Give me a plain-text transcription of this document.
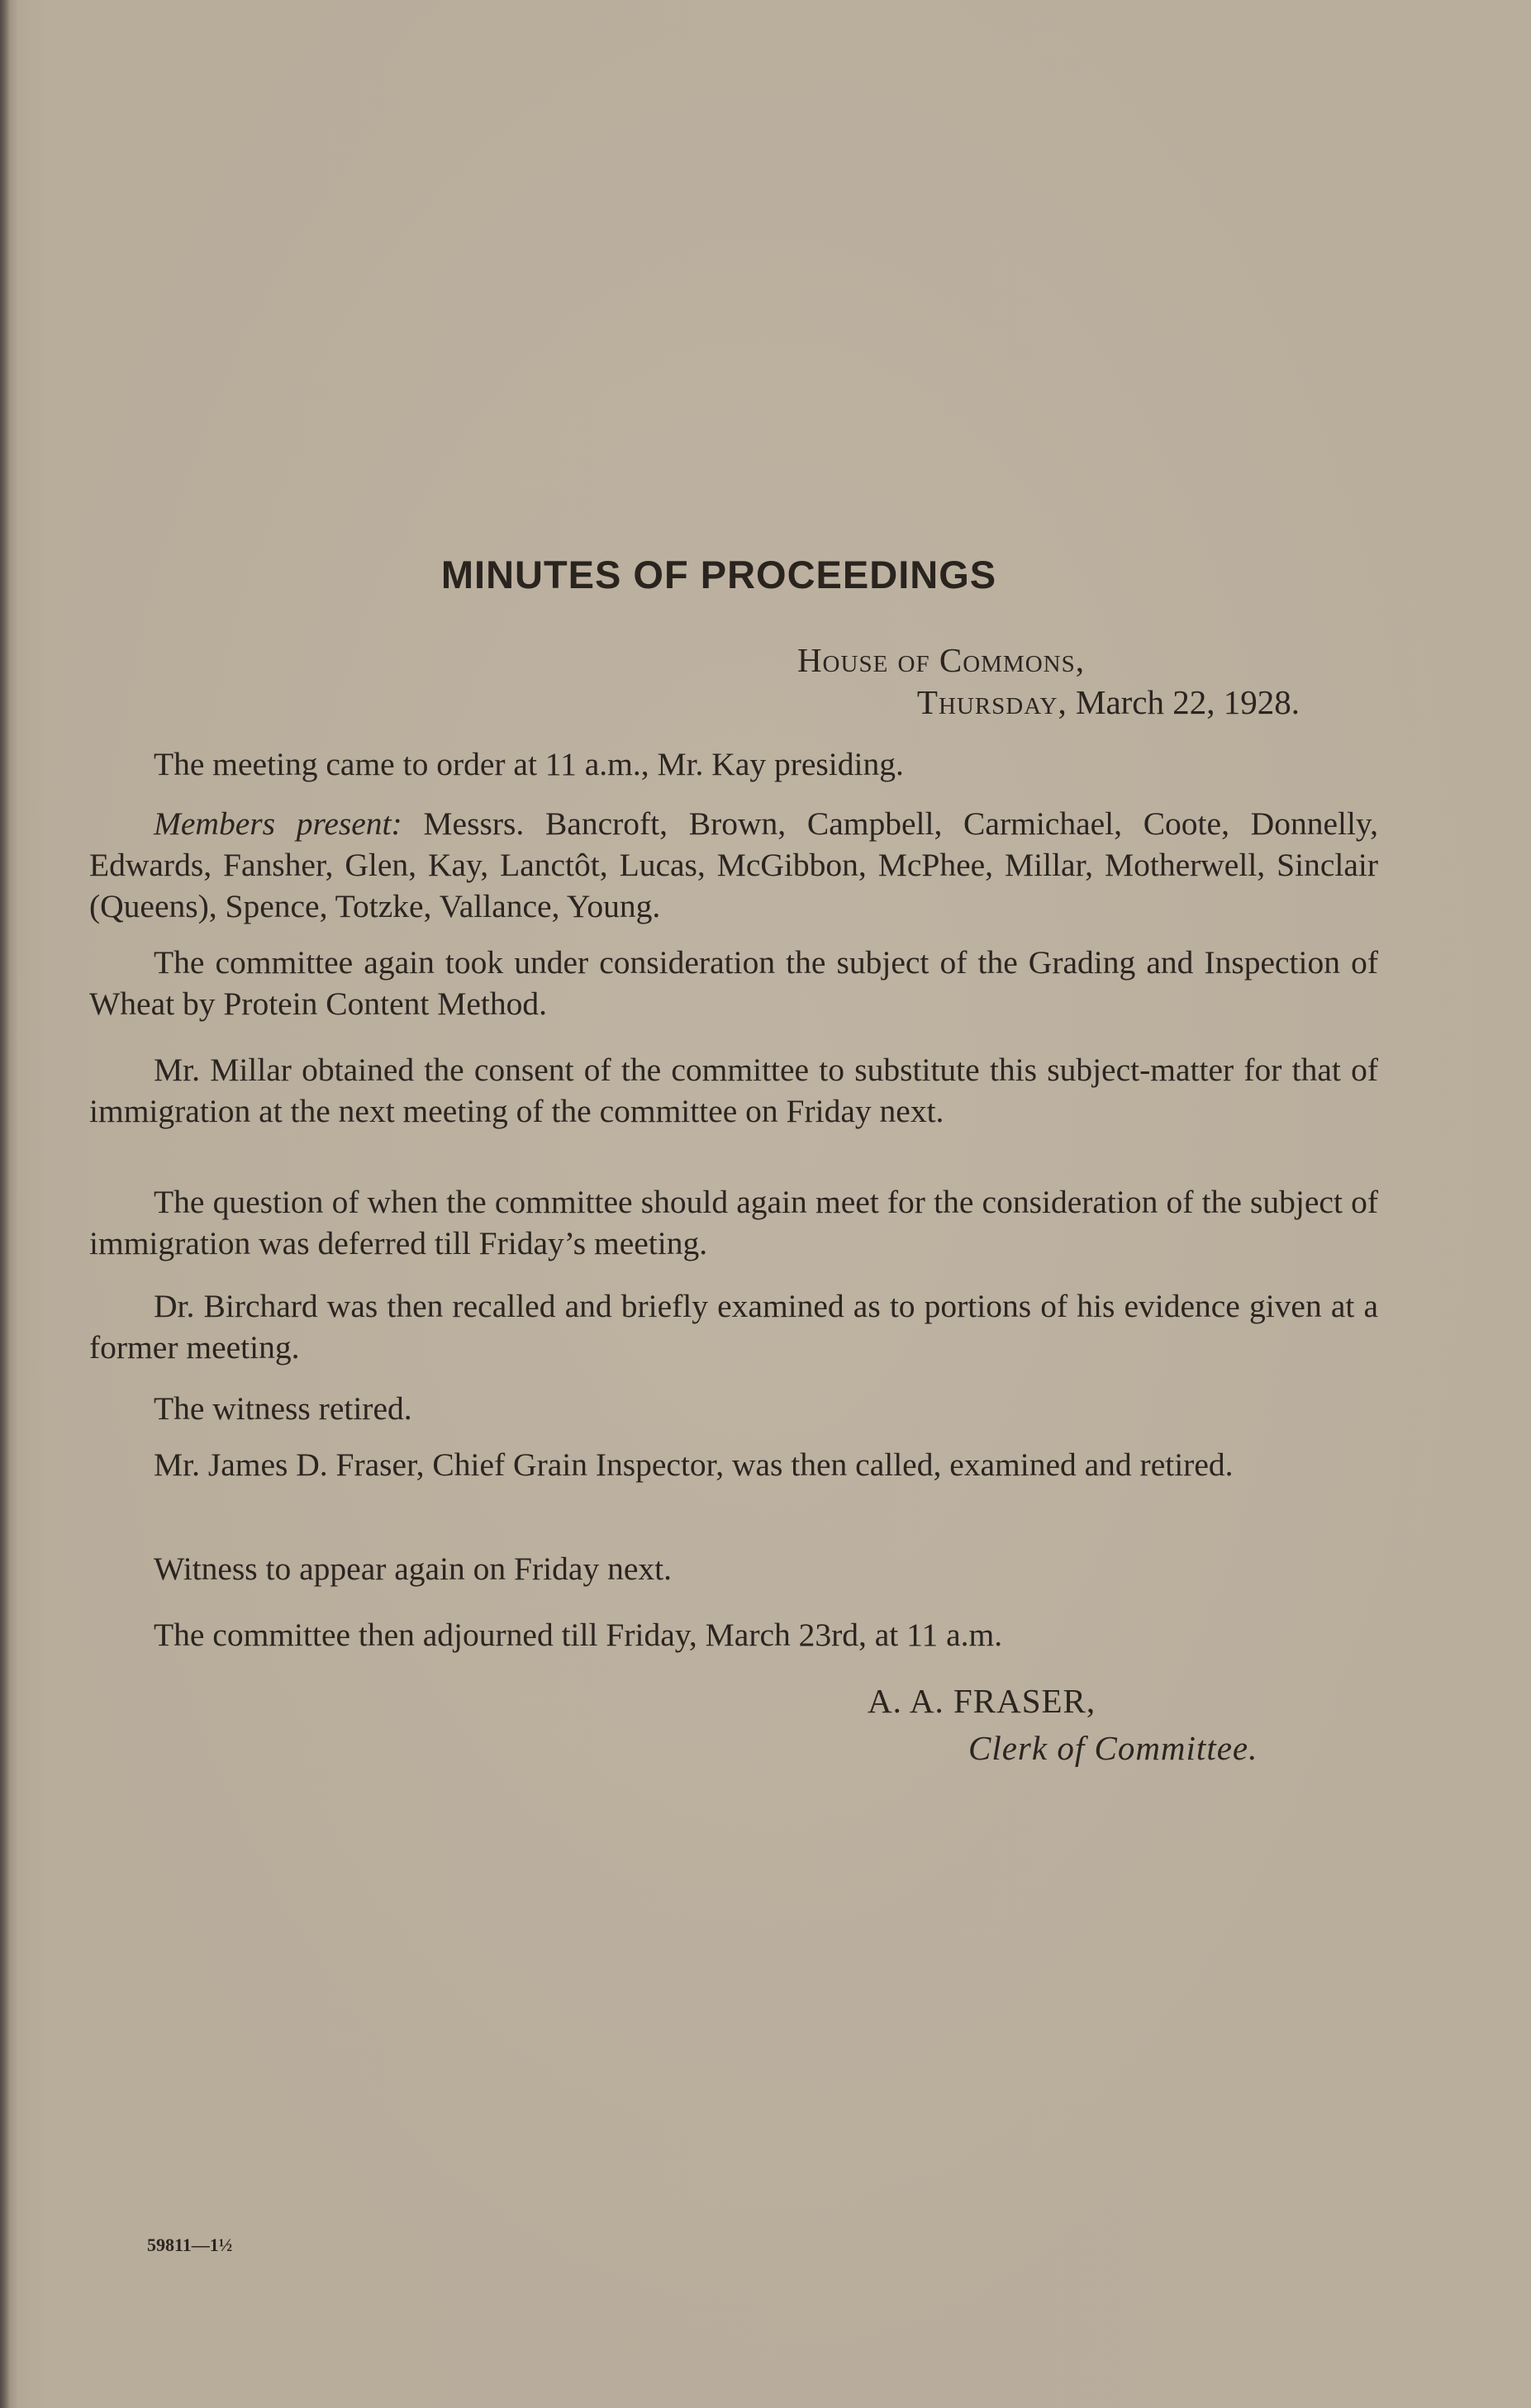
MINUTES OF PROCEEDINGS
House of Commons,
Thursday, March 22, 1928.

The meeting came to order at 11 a.m., Mr. Kay presiding.

Members present: Messrs. Bancroft, Brown, Campbell, Carmichael, Coote, Donnelly, Edwards, Fansher, Glen, Kay, Lanctôt, Lucas, McGibbon, McPhee, Millar, Motherwell, Sinclair (Queens), Spence, Totzke, Vallance, Young.

The committee again took under consideration the subject of the Grading and Inspection of Wheat by Protein Content Method.

Mr. Millar obtained the consent of the committee to substitute this subject-matter for that of immigration at the next meeting of the committee on Friday next.

The question of when the committee should again meet for the consideration of the subject of immigration was deferred till Friday’s meeting.

Dr. Birchard was then recalled and briefly examined as to portions of his evidence given at a former meeting.

The witness retired.

Mr. James D. Fraser, Chief Grain Inspector, was then called, examined and retired.

Witness to appear again on Friday next.

The committee then adjourned till Friday, March 23rd, at 11 a.m.

A. A. FRASER,
Clerk of Committee.
59811—1½
